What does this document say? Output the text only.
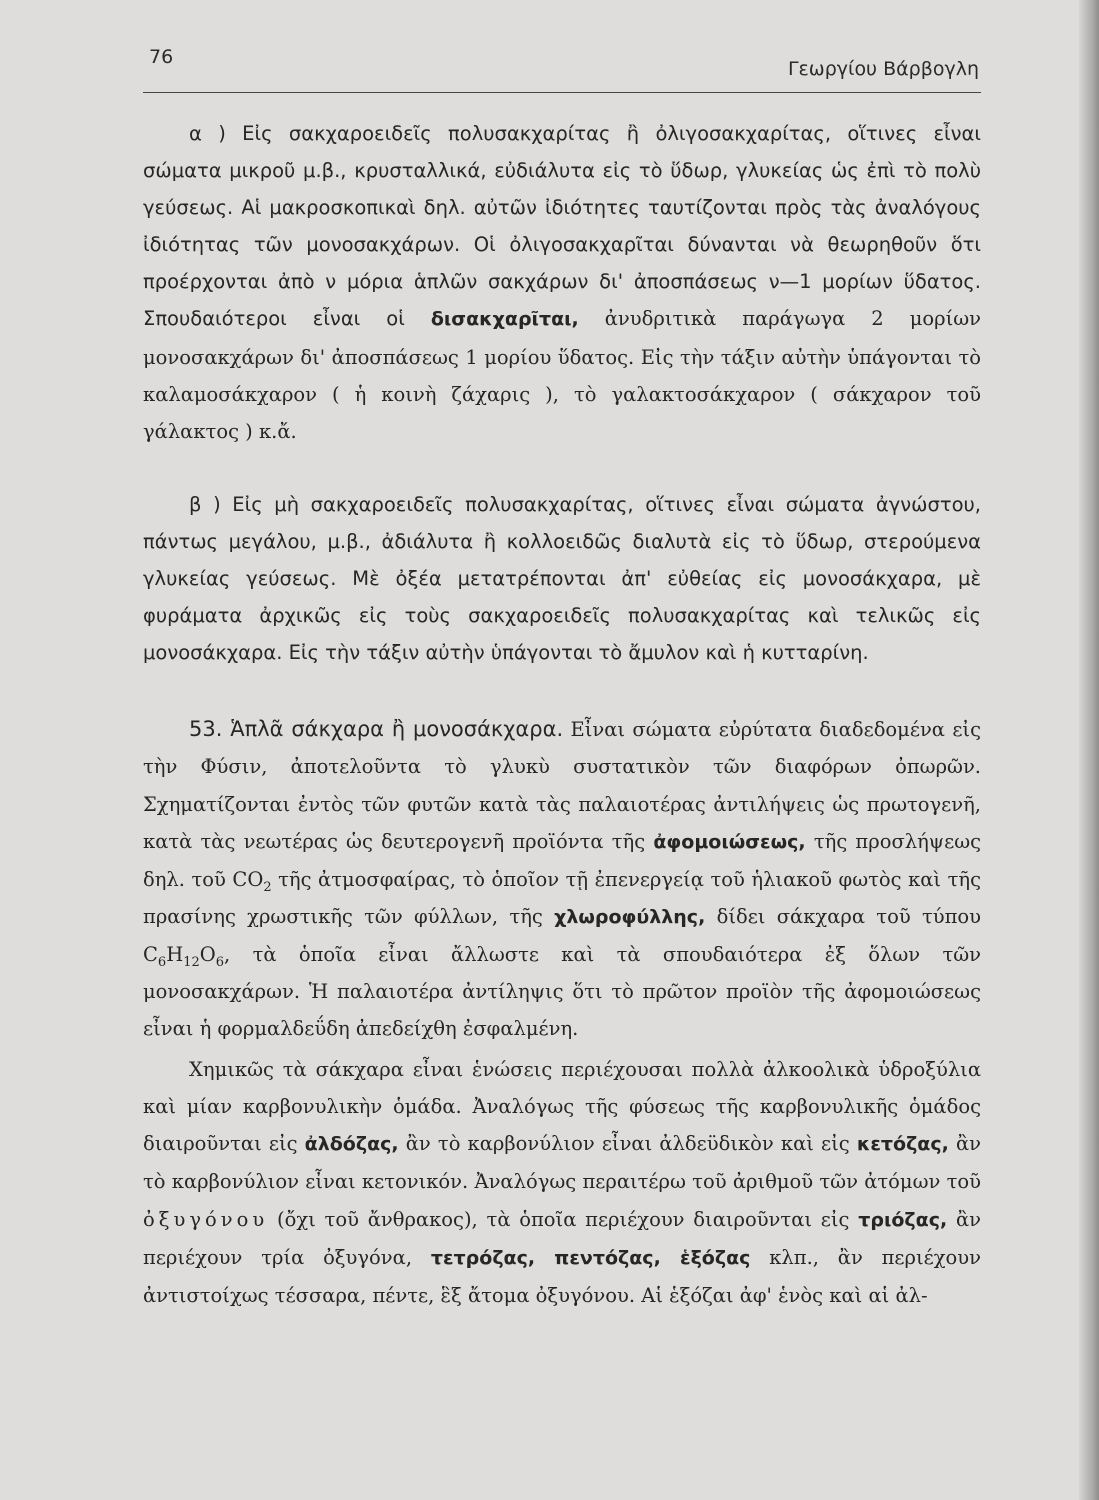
76
Γεωργίου Βάρβογλη

α ) Εἰς σακχαροειδεῖς πολυσακχαρίτας ἢ ὀλιγοσακχαρίτας, οἵτινες εἶναι σώματα μικροῦ μ.β., κρυσταλλικά, εὐδιάλυτα εἰς τὸ ὕδωρ, γλυκείας ὡς ἐπὶ τὸ πολὺ γεύσεως. Αἱ μακροσκοπικαὶ δηλ. αὐτῶν ἰδιότητες ταυτίζονται πρὸς τὰς ἀναλόγους ἰδιότητας τῶν μονοσακχάρων. Οἱ ὀλιγοσακχαρῖται δύνανται νὰ θεωρηθοῦν ὅτι προέρχονται ἀπὸ ν μόρια ἁπλῶν σακχάρων δι' ἀποσπάσεως ν—1 μορίων ὕδατος. Σπουδαιότεροι εἶναι οἱ δισακχαρῖται, ἀνυδριτικὰ παράγωγα 2 μορίων μονοσακχάρων δι' ἀποσπάσεως 1 μορίου ὕδατος. Εἰς τὴν τάξιν αὐτὴν ὑπάγονται τὸ καλαμοσάκχαρον ( ἡ κοινὴ ζάχαρις ), τὸ γαλακτοσάκχαρον ( σάκχαρον τοῦ γάλακτος ) κ.ἄ.

β ) Εἰς μὴ σακχαροειδεῖς πολυσακχαρίτας, οἵτινες εἶναι σώματα ἀγνώστου, πάντως μεγάλου, μ.β., ἀδιάλυτα ἢ κολλοειδῶς διαλυτὰ εἰς τὸ ὕδωρ, στερούμενα γλυκείας γεύσεως. Μὲ ὀξέα μετατρέπονται ἀπ' εὐθείας εἰς μονοσάκχαρα, μὲ φυράματα ἀρχικῶς εἰς τοὺς σακχαροειδεῖς πολυσακχαρίτας καὶ τελικῶς εἰς μονοσάκχαρα. Εἰς τὴν τάξιν αὐτὴν ὑπάγονται τὸ ἄμυλον καὶ ἡ κυτταρίνη.

53. Ἁπλᾶ σάκχαρα ἢ μονοσάκχαρα. Εἶναι σώματα εὐρύτατα διαδεδομένα εἰς τὴν Φύσιν, ἀποτελοῦντα τὸ γλυκὺ συστατικὸν τῶν διαφόρων ὀπωρῶν. Σχηματίζονται ἐντὸς τῶν φυτῶν κατὰ τὰς παλαιοτέρας ἀντιλήψεις ὡς πρωτογενῆ, κατὰ τὰς νεωτέρας ὡς δευτερογενῆ προϊόντα τῆς ἀφομοιώσεως, τῆς προσλήψεως δηλ. τοῦ $CO_2$ τῆς ἀτμοσφαίρας, τὸ ὁποῖον τῇ ἐπενεργείᾳ τοῦ ἡλιακοῦ φωτὸς καὶ τῆς πρασίνης χρωστικῆς τῶν φύλλων, τῆς χλωροφύλλης, δίδει σάκχαρα τοῦ τύπου $C_6H_{12}O_6$, τὰ ὁποῖα εἶναι ἄλλωστε καὶ τὰ σπουδαιότερα ἐξ ὅλων τῶν μονοσακχάρων. Ἡ παλαιοτέρα ἀντίληψις ὅτι τὸ πρῶτον προϊὸν τῆς ἀφομοιώσεως εἶναι ἡ φορμαλδεΰδη ἀπεδείχθη ἐσφαλμένη.

Χημικῶς τὰ σάκχαρα εἶναι ἑνώσεις περιέχουσαι πολλὰ ἀλκοολικὰ ὑδροξύλια καὶ μίαν καρβονυλικὴν ὁμάδα. Ἀναλόγως τῆς φύσεως τῆς καρβονυλικῆς ὁμάδος διαιροῦνται εἰς ἀλδόζας, ἂν τὸ καρβονύλιον εἶναι ἀλδεϋδικὸν καὶ εἰς κετόζας, ἂν τὸ καρβονύλιον εἶναι κετονικόν. Ἀναλόγως περαιτέρω τοῦ ἀριθμοῦ τῶν ἀτόμων τοῦ ὀξυγόνου (ὄχι τοῦ ἄνθρακος), τὰ ὁποῖα περιέχουν διαιροῦνται εἰς τριόζας, ἂν περιέχουν τρία ὀξυγόνα, τετρόζας, πεντόζας, ἑξόζας κλπ., ἂν περιέχουν ἀντιστοίχως τέσσαρα, πέντε, ἓξ ἄτομα ὀξυγόνου. Αἱ ἑξόζαι ἀφ' ἑνὸς καὶ αἱ ἀλ-
